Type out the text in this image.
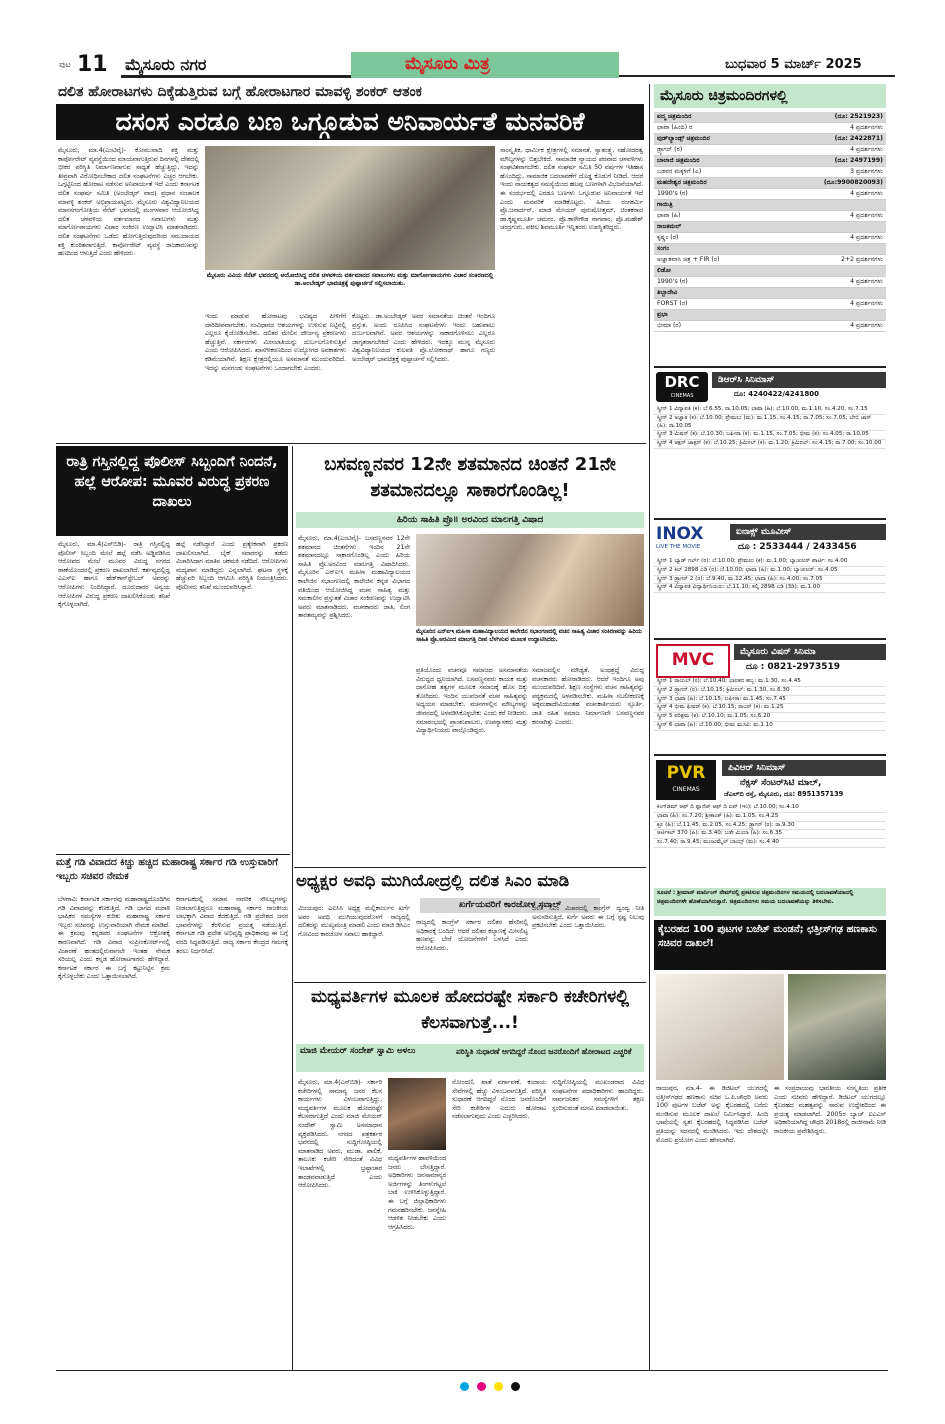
ಪುಟ 11 ಮೈಸೂರು ನಗರ	ಮೈಸೂರು ಮಿತ್ರ	ಬುಧವಾರ 5 ಮಾರ್ಚ್ 2025
ದಲಿತ ಹೋರಾಟಗಳು ದಿಕ್ಕೆಡುತ್ತಿರುವ ಬಗ್ಗೆ ಹೋರಾಟಗಾರ ಮಾವಳ್ಳಿ ಶಂಕರ್ ಆತಂಕ
ದಸಂಸ ಎರಡೂ ಬಣ ಒಗ್ಗೂಡುವ ಅನಿವಾರ್ಯತೆ ಮನವರಿಕೆ
ಮೈಸೂರು, ಮಾ.4(ಎಂಟಿವೈ)- ಕೋಮುವಾದಿ ಶಕ್ತಿ ಮತ್ತು ಕಾರ್ಪೋರೇಟ್ ವ್ಯವಸ್ಥೆಯಿಂದ ಮಾಯವಾಗುತ್ತಿರುವ ದಿನಗಳಲ್ಲಿ ದೇಶದಲ್ಲಿ ಭೀಕರ ಪರಿಸ್ಥಿತಿ ನಿರ್ಮಾಣವಾಗುವ ಸಾಧ್ಯತೆ ಹೆಚ್ಚುತ್ತಿದ್ದು, ಇದನ್ನು ತೀವ್ರವಾಗಿ ವಿರೋಧಿಸಬೇಕಾದ ದಲಿತ ಸಂಘಟನೆಗಳು ಎಚ್ಚರ ಆಗಬೇಕು. ಒಗ್ಗಟ್ಟಿನಿಂದ ಹೋರಾಟ ನಡೆಸುವ ಅನಿವಾರ್ಯತೆ ಇದೆ ಎಂದು ಕರ್ನಾಟಕ ದಲಿತ ಸಂಘರ್ಷ ಸಮಿತಿ (ಅಂಬೇಡ್ಕರ್ ವಾದ) ಪ್ರಧಾನ ಸಂಚಾಲಕ ಮಾವಳ್ಳಿ ಶಂಕರ್ ಅಭಿಪ್ರಾಯಪಟ್ಟರು. ಮೈಸೂರು ವಿಶ್ವವಿದ್ಯಾನಿಲಯದ ಮಾನಸಗಂಗೋತ್ರಿಯ ಸೆನೆಟ್ ಭವನದಲ್ಲಿ ಮಂಗಳವಾರ ಆಯೋಜಿಸಿದ್ದ ದಲಿತ ಚಳವಳಿಯ ವರ್ತಮಾನದ ಸವಾಲುಗಳು ಮತ್ತು ಮಾರ್ಗೋಪಾಯಗಳು ವಿಚಾರ ಸಂಕಿರಣ ಉದ್ಘಾಟಿಸಿ ಮಾತನಾಡಿದರು. ದಲಿತ ಸಂಘಟನೆಗಳು ಒಡೆದು ಹೋಗುತ್ತಿರುವುದರಿಂದ ಸಮುದಾಯದ ಶಕ್ತಿ ಕುಂಠಿತವಾಗುತ್ತಿದೆ. ಕಾರ್ಪೋರೇಟ್ ವ್ಯವಸ್ಥೆ ರಾಜಕಾರಣವನ್ನು ಹಣದಿಂದ ಆಳುತ್ತಿದೆ ಎಂದು ಹೇಳಿದರು.
ಮೈಸೂರು ವಿವಿಯ ಸೆನೆಟ್ ಭವನದಲ್ಲಿ ಆಯೋಜಿಸಿದ್ದ ದಲಿತ ಚಳವಳಿಯ ವರ್ತಮಾನದ ಸವಾಲುಗಳು ಮತ್ತು ಮಾರ್ಗೋಪಾಯಗಳು ವಿಚಾರ ಸಂಕಿರಣದಲ್ಲಿ ಡಾ.ಅಂಬೇಡ್ಕರ್ ಭಾವಚಿತ್ರಕ್ಕೆ ಪುಷ್ಪಾರ್ಚನೆ ಸಲ್ಲಿಸಲಾಯಿತು.
ಇಂದು ಮಾಡುವ ಹೋರಾಟವು ಭವಿಷ್ಯದ ಪೀಳಿಗೆಗೆ ದಾರಿದೀಪವಾಗಬೇಕು. ಸಂವಿಧಾನದ ಆಶಯಗಳನ್ನು ಉಳಿಸುವ ನಿಟ್ಟಿನಲ್ಲಿ ಎಲ್ಲರೂ ಕೈಜೋಡಿಸಬೇಕು. ದಲಿತರ ಮೇಲಿನ ದೌರ್ಜನ್ಯ ಪ್ರಕರಣಗಳು ಹೆಚ್ಚುತ್ತಿವೆ. ಸರ್ಕಾರಗಳು ಮೀಸಲಾತಿಯನ್ನು ದುರ್ಬಲಗೊಳಿಸುತ್ತಿವೆ ಎಂದು ಆರೋಪಿಸಿದರು. ಖಾಸಗೀಕರಣದಿಂದ ಉದ್ಯೋಗದ ಅವಕಾಶಗಳು ಕಡಿಮೆಯಾಗಿವೆ. ಶಿಕ್ಷಣ ಕ್ಷೇತ್ರದಲ್ಲಿಯೂ ಅಸಮಾನತೆ ಮುಂದುವರಿದಿದೆ. ಇದನ್ನು ಮನಗಂಡು ಸಂಘಟನೆಗಳು ಒಂದಾಗಬೇಕು ಎಂದರು.
ಕೊಟ್ಟರು. ಡಾ.ಅಂಬೇಡ್ಕರ್ ಅವರ ಸಮಾನತೆಯ ಚಿಂತನೆ ಇಂದಿಗೂ ಪ್ರಸ್ತುತ. ಅಂದು ರೂಪಿಸಿದ ಸಂಘಟನೆಗಳು ಇಂದು ಬಹುಪಾಲು ದುರ್ಬಲವಾಗಿವೆ. ಅವರ ಆಶಯಗಳನ್ನು ಸಾಕಾರಗೊಳಿಸಲು ಎಲ್ಲರೂ ಜಾಗೃತರಾಗಬೇಕಿದೆ ಎಂದು ಹೇಳಿದರು. ಇದಕ್ಕೂ ಮುನ್ನ ಮೈಸೂರು ವಿಶ್ವವಿದ್ಯಾನಿಲಯದ ಕುಲಪತಿ ಪ್ರೊ.ಲೋಕನಾಥ್ ಹಾಗೂ ಗಣ್ಯರು ಅಂಬೇಡ್ಕರ್ ಭಾವಚಿತ್ರಕ್ಕೆ ಪುಷ್ಪಾರ್ಚನೆ ಸಲ್ಲಿಸಿದರು.
ಸಾಂಸ್ಕೃತಿಕ, ಧಾರ್ಮಿಕ ಕ್ಷೇತ್ರಗಳಲ್ಲಿ ಸಮಾನತೆ, ಸ್ವಾತಂತ್ರ್ಯ, ಸಹೋದರತ್ವ ಮೌಲ್ಯಗಳನ್ನು ಬಿತ್ತಬೇಕಿದೆ. ಸಾಮಾಜಿಕ ನ್ಯಾಯದ ಪರವಾದ ಚಳವಳಿಗಳು ಸಂಘಟಿತವಾಗಬೇಕು. ದಲಿತ ಸಂಘರ್ಷ ಸಮಿತಿ 50 ವರ್ಷಗಳ ಇತಿಹಾಸ ಹೊಂದಿದ್ದು, ಸಾಮಾಜಿಕ ಬದಲಾವಣೆಗೆ ದೊಡ್ಡ ಕೊಡುಗೆ ನೀಡಿದೆ. ಆದರೆ ಇಂದು ನಾಯಕತ್ವದ ಸಮಸ್ಯೆಯಿಂದ ಹಲವು ಬಣಗಳಾಗಿ ವಿಭಜನೆಯಾಗಿದೆ. ಈ ಸಂದರ್ಭದಲ್ಲಿ ಎರಡೂ ಬಣಗಳು ಒಗ್ಗೂಡುವ ಅನಿವಾರ್ಯತೆ ಇದೆ ಎಂದು ಮನವರಿಕೆ ಮಾಡಿಕೊಟ್ಟರು. ಹಿರಿಯ ರಂಗಕರ್ಮಿ ಪ್ರೊ.ಜನಾರ್ದನ್, ಮಾಜಿ ಮೇಯರ್ ಪುರುಷೋತ್ತಮ್, ಚಿಂತಕರಾದ ಡಾ.ಕೃಷ್ಣಮೂರ್ತಿ ಚಮರಂ, ಪ್ರೊ.ಕಾಳೇಗೌಡ ನಾಗವಾರ, ಪ್ರೊ.ಮಹೇಶ್ ಚಂದ್ರಗುರು, ವಕೀಲ ಶಿವಮೂರ್ತಿ ಇನ್ನಿತರರು ಉಪಸ್ಥಿತರಿದ್ದರು.
ರಾತ್ರಿ ಗಸ್ತಿನಲ್ಲಿದ್ದ ಪೊಲೀಸ್ ಸಿಬ್ಬಂದಿಗೆ ನಿಂದನೆ, ಹಲ್ಲೆ ಆರೋಪ: ಮೂವರ ವಿರುದ್ಧ ಪ್ರಕರಣ ದಾಖಲು
ಮೈಸೂರು, ಮಾ.4(ಎಸ್‌ಬಿಡಿ)- ರಾತ್ರಿ ಗಸ್ತಿನಲ್ಲಿದ್ದ ಪೊಲೀಸ್ ಸಿಬ್ಬಂದಿ ಮೇಲೆ ಹಲ್ಲೆ ನಡೆಸಿ ಅಡ್ಡಿಪಡಿಸಿದ ಆರೋಪದ ಮೇಲೆ ಮೂವರ ವಿರುದ್ಧ ನಗರದ ಠಾಣೆಯೊಂದರಲ್ಲಿ ಪ್ರಕರಣ ದಾಖಲಾಗಿದೆ. ಕರ್ತವ್ಯದಲ್ಲಿದ್ದ ಎಎಸ್‌ಐ ಹಾಗೂ ಹೆಡ್‌ಕಾನ್‌ಸ್ಟೇಬಲ್ ಅವರನ್ನು ಆರೋಪಿಗಳು ನಿಂದಿಸಿದ್ದಾರೆ. ದೂರುದಾರರ ಅನ್ವಯ ಆರೋಪಿಗಳ ವಿರುದ್ಧ ಪ್ರಕರಣ ದಾಖಲಿಸಿಕೊಂಡು ತನಿಖೆ ಕೈಗೊಳ್ಳಲಾಗಿದೆ.
ಹಲ್ಲೆ ನಡೆಸಿದ್ದಾರೆ ಎಂದು ಪ್ರತ್ಯೇಕವಾಗಿ ಪ್ರಕರಣ ದಾಖಲಿಸಲಾಗಿದೆ. ಬೈಕ್ ಸವಾರರನ್ನು ತಡೆದು ವಿಚಾರಿಸಿದಾಗ ಮಾತಿನ ಚಕಮಕಿ ನಡೆದಿದೆ. ಆರೋಪಿಗಳು ಮದ್ಯಪಾನ ಮಾಡಿದ್ದರು ಎನ್ನಲಾಗಿದೆ. ಘಟನಾ ಸ್ಥಳಕ್ಕೆ ಹೆಚ್ಚುವರಿ ಸಿಬ್ಬಂದಿ ಆಗಮಿಸಿ ಪರಿಸ್ಥಿತಿ ನಿಯಂತ್ರಿಸಿದರು. ಪೊಲೀಸರು ತನಿಖೆ ಮುಂದುವರಿಸಿದ್ದಾರೆ.
ಮತ್ತೆ ಗಡಿ ವಿವಾದದ ಕಿಚ್ಚು ಹಚ್ಚಿದ ಮಹಾರಾಷ್ಟ್ರ ಸರ್ಕಾರ ಗಡಿ ಉಸ್ತುವಾರಿಗೆ ಇಬ್ಬರು ಸಚಿವರ ನೇಮಕ
ಬೆಳಗಾವಿ: ಕರ್ನಾಟಕ ಸರ್ಕಾರವು ಮಹಾರಾಷ್ಟ್ರದೊಂದಿಗಿನ ಗಡಿ ವಿವಾದವನ್ನು ಕೆಣಕುತ್ತಿದೆ. ಗಡಿ ಭಾಗದ ಮರಾಠಿ ಭಾಷಿಕರ ಸಮಸ್ಯೆಗಳ ಕುರಿತು ಮಹಾರಾಷ್ಟ್ರ ಸರ್ಕಾರ ಇಬ್ಬರು ಸಚಿವರನ್ನು ಉಸ್ತುವಾರಿಯಾಗಿ ನೇಮಕ ಮಾಡಿದೆ. ಈ ಕ್ರಮವು ಕನ್ನಡಪರ ಸಂಘಟನೆಗಳ ಆಕ್ರೋಶಕ್ಕೆ ಕಾರಣವಾಗಿದೆ. ಗಡಿ ವಿವಾದ ಸುಪ್ರೀಂಕೋರ್ಟ್‌ನಲ್ಲಿ ವಿಚಾರಣೆ ಹಂತದಲ್ಲಿರುವಾಗಲೇ ಇಂತಹ ನೇಮಕ ಸರಿಯಲ್ಲ ಎಂದು ಕನ್ನಡ ಹೋರಾಟಗಾರರು ಹೇಳಿದ್ದಾರೆ. ಕರ್ನಾಟಕ ಸರ್ಕಾರ ಈ ಬಗ್ಗೆ ಕಟ್ಟುನಿಟ್ಟಿನ ಕ್ರಮ ಕೈಗೊಳ್ಳಬೇಕು ಎಂದು ಒತ್ತಾಯಿಸಲಾಗಿದೆ.
ಕರ್ನಾಟಕದಲ್ಲಿ ಸಮಾನ ನಾಗರಿಕ ಸೌಲಭ್ಯಗಳನ್ನು ನೀಡಲಾಗುತ್ತಿದ್ದರೂ ಮಹಾರಾಷ್ಟ್ರ ಸರ್ಕಾರ ರಾಜಕೀಯ ಲಾಭಕ್ಕಾಗಿ ವಿವಾದ ಕೆದಕುತ್ತಿದೆ. ಗಡಿ ಪ್ರದೇಶದ ಜನರ ಭಾವನೆಗಳನ್ನು ಕೆರಳಿಸುವ ಪ್ರಯತ್ನ ನಡೆಯುತ್ತಿದೆ. ಕರ್ನಾಟಕ ಗಡಿ ಪ್ರದೇಶ ಅಭಿವೃದ್ಧಿ ಪ್ರಾಧಿಕಾರವು ಈ ಬಗ್ಗೆ ವರದಿ ಸಿದ್ಧಪಡಿಸುತ್ತಿದೆ. ರಾಜ್ಯ ಸರ್ಕಾರ ಕೇಂದ್ರದ ಗಮನಕ್ಕೆ ತರಲು ನಿರ್ಧರಿಸಿದೆ.
ಬಸವಣ್ಣನವರ 12ನೇ ಶತಮಾನದ ಚಿಂತನೆ 21ನೇ ಶತಮಾನದಲ್ಲೂ ಸಾಕಾರಗೊಂಡಿಲ್ಲ!
ಹಿರಿಯ ಸಾಹಿತಿ ಪ್ರೊ॥ ಅರವಿಂದ ಮಾಲಗತ್ತಿ ವಿಷಾದ
ಮೈಸೂರು, ಮಾ.4(ಎಂಟಿವೈ)- ಬಸವಣ್ಣನವರ 12ನೇ ಶತಮಾನದ ಚಿಂತನೆಗಳು ಇಂದಿನ 21ನೇ ಶತಮಾನದಲ್ಲೂ ಸಾಕಾರಗೊಂಡಿಲ್ಲ ಎಂದು ಹಿರಿಯ ಸಾಹಿತಿ ಪ್ರೊ.ಅರವಿಂದ ಮಾಲಗತ್ತಿ ವಿಷಾದಿಸಿದರು. ಮೈಸೂರಿನ ಎನ್‌ಐಇ ಮಹಿಳಾ ಮಹಾವಿದ್ಯಾಲಯದ ಕಾಲೇಜಿನ ಸಭಾಂಗಣದಲ್ಲಿ ಕಾಲೇಜಿನ ಕನ್ನಡ ವಿಭಾಗದ ವತಿಯಿಂದ ಆಯೋಜಿಸಿದ್ದ ವಚನ ಸಾಹಿತ್ಯ ಮತ್ತು ಸಮಕಾಲೀನ ಪ್ರಸ್ತುತತೆ ವಿಚಾರ ಸಂಕಿರಣವನ್ನು ಉದ್ಘಾಟಿಸಿ ಅವರು ಮಾತನಾಡಿದರು. ವಚನಕಾರರು ಜಾತಿ, ಲಿಂಗ ತಾರತಮ್ಯವನ್ನು ಪ್ರಶ್ನಿಸಿದರು.
ಮೈಸೂರಿನ ಎನ್‌ಐಇ ಮಹಿಳಾ ಮಹಾವಿದ್ಯಾಲಯದ ಕಾಲೇಜಿನ ಸಭಾಂಗಣದಲ್ಲಿ ವಚನ ಸಾಹಿತ್ಯ ವಿಚಾರ ಸಂಕಿರಣವನ್ನು ಹಿರಿಯ ಸಾಹಿತಿ ಪ್ರೊ.ಅರವಿಂದ ಮಾಲಗತ್ತಿ ದೀಪ ಬೆಳಗಿಸುವ ಮೂಲಕ ಉದ್ಘಾಟಿಸಿದರು.
ಪ್ರತಿಯೊಂದು ವಚನವೂ ಸಮಾಜದ ಅಸಮಾನತೆಯ ವಿರುದ್ಧದ ಧ್ವನಿಯಾಗಿದೆ. ಬಸವಣ್ಣನವರು ಕಾಯಕ ಮತ್ತು ದಾಸೋಹ ತತ್ವಗಳ ಮೂಲಕ ಸಮಾಜಕ್ಕೆ ಹೊಸ ದಿಕ್ಕು ತೋರಿದರು. ಇಂದಿನ ಯುವಜನತೆ ವಚನ ಸಾಹಿತ್ಯವನ್ನು ಅಧ್ಯಯನ ಮಾಡಬೇಕು. ವಚನಗಳಲ್ಲಿನ ಮೌಲ್ಯಗಳನ್ನು ಜೀವನದಲ್ಲಿ ಅಳವಡಿಸಿಕೊಳ್ಳಬೇಕು ಎಂದು ಕರೆ ನೀಡಿದರು. ಸಮಾರಂಭದಲ್ಲಿ ಪ್ರಾಂಶುಪಾಲರು, ಉಪನ್ಯಾಸಕರು ಮತ್ತು ವಿದ್ಯಾರ್ಥಿನಿಯರು ಪಾಲ್ಗೊಂಡಿದ್ದರು.
ಸಮಾಜದಲ್ಲಿನ ಮೌಢ್ಯತೆ, ಅಂಧಶ್ರದ್ಧೆ ವಿರುದ್ಧ ವಚನಕಾರರು ಹೋರಾಡಿದರು. ಆದರೆ ಇಂದಿಗೂ ಅವು ಮುಂದುವರಿದಿವೆ. ಶಿಕ್ಷಣ ಸಂಸ್ಥೆಗಳು ವಚನ ಸಾಹಿತ್ಯವನ್ನು ಪಠ್ಯಕ್ರಮದಲ್ಲಿ ಅಳವಡಿಸಬೇಕು. ಮಹಿಳಾ ಸಬಲೀಕರಣಕ್ಕೆ ಅಕ್ಕಮಹಾದೇವಿಯಂತಹ ವಚನಕಾರ್ತಿಯರು ಸ್ಫೂರ್ತಿ. ಜಾತಿ ರಹಿತ ಸಮಾಜ ನಿರ್ಮಾಣವೇ ಬಸವಣ್ಣನವರ ಕನಸಾಗಿತ್ತು ಎಂದರು.
ಅಧ್ಯಕ್ಷರ ಅವಧಿ ಮುಗಿಯೋದ್ರಲ್ಲಿ ದಲಿತ ಸಿಎಂ ಮಾಡಿ
ಖರ್ಗೆಯವರಿಗೆ ಕಾರಜೋಳ ಸವಾಲ್
ವಿಜಯಪುರ: ಎಐಸಿಸಿ ಅಧ್ಯಕ್ಷ ಮಲ್ಲಿಕಾರ್ಜುನ ಖರ್ಗೆ ಅವರ ಅವಧಿ ಮುಗಿಯುವುದರೊಳಗೆ ರಾಜ್ಯದಲ್ಲಿ ದಲಿತರನ್ನು ಮುಖ್ಯಮಂತ್ರಿ ಮಾಡಲಿ ಎಂದು ಮಾಜಿ ಡಿಸಿಎಂ ಗೋವಿಂದ ಕಾರಜೋಳ ಸವಾಲು ಹಾಕಿದ್ದಾರೆ.
ರಾಜ್ಯದಲ್ಲಿ ಕಾಂಗ್ರೆಸ್ ಸರ್ಕಾರ ದಲಿತರ ಹೆಸರಿನಲ್ಲಿ ಅಧಿಕಾರಕ್ಕೆ ಬಂದಿದೆ. ಆದರೆ ದಲಿತರ ಕಲ್ಯಾಣಕ್ಕೆ ಮೀಸಲಿಟ್ಟ ಹಣವನ್ನು ಬೇರೆ ಯೋಜನೆಗಳಿಗೆ ಬಳಸಿದೆ ಎಂದು ಆರೋಪಿಸಿದರು.
ದಲಿತ ಸಿಎಂ ವಿಚಾರದಲ್ಲಿ ಕಾಂಗ್ರೆಸ್ ದ್ವಂದ್ವ ನೀತಿ ಅನುಸರಿಸುತ್ತಿದೆ. ಖರ್ಗೆ ಅವರು ಈ ಬಗ್ಗೆ ಸ್ಪಷ್ಟ ನಿಲುವು ಪ್ರಕಟಿಸಬೇಕು ಎಂದು ಒತ್ತಾಯಿಸಿದರು.
ಮಧ್ಯವರ್ತಿಗಳ ಮೂಲಕ ಹೋದರಷ್ಟೇ ಸರ್ಕಾರಿ ಕಚೇರಿಗಳಲ್ಲಿ ಕೆಲಸವಾಗುತ್ತೆ...!
ಮಾಜಿ ಮೇಯರ್ ಸಂದೇಶ್ ಸ್ವಾಮಿ ಅಳಲು	ಪರಿಸ್ಥಿತಿ ಸುಧಾರಣೆ ಆಗದಿದ್ದರೆ ನೊಂದ ಜನರೊಂದಿಗೆ ಹೋರಾಟದ ಎಚ್ಚರಿಕೆ
ಮೈಸೂರು, ಮಾ.4(ಎಸ್‌ಬಿಡಿ)- ಸರ್ಕಾರಿ ಕಚೇರಿಗಳಲ್ಲಿ ಸಾಮಾನ್ಯ ಜನರ ಕೆಲಸ ಕಾರ್ಯಗಳು ವಿಳಂಬವಾಗುತ್ತಿದ್ದು, ಮಧ್ಯವರ್ತಿಗಳ ಮೂಲಕ ಹೋದರಷ್ಟೇ ಕೆಲಸವಾಗುತ್ತಿದೆ ಎಂದು ಮಾಜಿ ಮೇಯರ್ ಸಂದೇಶ್ ಸ್ವಾಮಿ ಅಸಮಾಧಾನ ವ್ಯಕ್ತಪಡಿಸಿದರು. ನಗರದ ಪತ್ರಕರ್ತರ ಭವನದಲ್ಲಿ ಸುದ್ದಿಗೋಷ್ಠಿಯಲ್ಲಿ ಮಾತನಾಡಿದ ಅವರು, ಮುಡಾ, ಪಾಲಿಕೆ, ತಾಲೂಕು ಕಚೇರಿ ಸೇರಿದಂತೆ ವಿವಿಧ ಇಲಾಖೆಗಳಲ್ಲಿ ಭ್ರಷ್ಟಾಚಾರ ತಾಂಡವವಾಡುತ್ತಿದೆ ಎಂದು ಆರೋಪಿಸಿದರು.
ಮಧ್ಯವರ್ತಿಗಳ ಹಾವಳಿಯಿಂದ ಜನರು ಬೇಸತ್ತಿದ್ದಾರೆ. ಅಧಿಕಾರಿಗಳು ಜನಸಾಮಾನ್ಯರ ಅರ್ಜಿಗಳನ್ನು ತಿಂಗಳುಗಟ್ಟಲೆ ಬಾಕಿ ಉಳಿಸಿಕೊಳ್ಳುತ್ತಿದ್ದಾರೆ. ಈ ಬಗ್ಗೆ ಜಿಲ್ಲಾಧಿಕಾರಿಗಳು ಗಮನಹರಿಸಬೇಕು. ಜನಸ್ನೇಹಿ ಆಡಳಿತ ನೀಡಬೇಕು ಎಂದು ಆಗ್ರಹಿಸಿದರು.
ನೋಂದಣಿ, ಖಾತೆ ವರ್ಗಾವಣೆ, ಕಂದಾಯ ಸೇವೆಗಳಲ್ಲಿ ಹೆಚ್ಚು ವಿಳಂಬವಾಗುತ್ತಿದೆ. ಪರಿಸ್ಥಿತಿ ಸುಧಾರಣೆ ಆಗದಿದ್ದರೆ ನೊಂದ ಜನರೊಂದಿಗೆ ಸೇರಿ ಕಚೇರಿಗಳ ಎದುರು ಹೋರಾಟ ನಡೆಸಲಾಗುವುದು ಎಂದು ಎಚ್ಚರಿಸಿದರು.
ಸುದ್ದಿಗೋಷ್ಠಿಯಲ್ಲಿ ಮುಖಂಡರಾದ ವಿವಿಧ ಸಂಘಟನೆಗಳ ಪದಾಧಿಕಾರಿಗಳು ಹಾಜರಿದ್ದರು. ಸಾರ್ವಜನಿಕರ ಸಮಸ್ಯೆಗಳಿಗೆ ತಕ್ಷಣ ಸ್ಪಂದಿಸುವಂತೆ ಮನವಿ ಮಾಡಲಾಯಿತು.
ಮೈಸೂರು ಚಿತ್ರಮಂದಿರಗಳಲ್ಲಿ
ಪದ್ಮ ಚಿತ್ರಮಂದಿರ	(ದೂ: 2521923)
ಛಾವಾ (ಹಿಂದಿ) ರ	4 ಪ್ರದರ್ಶನಗಳು
ವುಡ್‌ಲ್ಯಾಂಡ್ಸ್ ಚಿತ್ರಮಂದಿರ	(ದೂ: 2422871)
ಡ್ರ್ಯಾಗನ್ (ರ)	4 ಪ್ರದರ್ಶನಗಳು
ಬಾಲಾಜಿ ಚಿತ್ರಮಂದಿರ	(ದೂ: 2497199)
ಬಡವರ ಮಕ್ಕಳಿಗೆ (ಎ)	3 ಪ್ರದರ್ಶನಗಳು
ಮಹದೇಶ್ವರ ಚಿತ್ರಮಂದಿರ	(ದೂ:9900820093)
1990's (ರ)	4 ಪ್ರದರ್ಶನಗಳು
ಗಾಯಿತ್ರಿ	
ಛಾವಾ (ಹಿ)	4 ಪ್ರದರ್ಶನಗಳು
ರಾಜಕಮಲ್	
ಕೃಷ್ಣಂ (ರ)	4 ಪ್ರದರ್ಶನಗಳು
ಸಂಗಂ	
ಅಜ್ಞಾತವಾಸಿ ಚಿತ್ರ + FIR (ರ)	2+2 ಪ್ರದರ್ಶನಗಳು
ಲಿಡೋ	
1990's (ರ)	4 ಪ್ರದರ್ಶನಗಳು
ತಿಬ್ಬಾದೇವಿ	
FORST (ರ)	4 ಪ್ರದರ್ಶನಗಳು
ಪ್ರಭಾ	
ಭೀಮಾ (ರ)	4 ಪ್ರದರ್ಶನಗಳು
DRC
CINEMAS
ಡಿಆರ್‌ಸಿ ಸಿನಿಮಾಸ್
ದೂ: 4240422/4241800
ಸ್ಕ್ರೀನ್ 1 ವಿದ್ಯಾಪತಿ (ಕ): ಬೆ.6.55, ರಾ.10.05; ಛಾವಾ (ಹಿ): ಬೆ.10.00, ಮ.1.10, ಸಂ.4.20, ಸಂ.7.15
ಸ್ಕ್ರೀನ್ 2 ಅಜ್ಞಾತ (ಕ): ಬೆ.10.00; ಪ್ರೇಮಲು (ಮ): ಮ.1.15, ಸಂ.4.15; ರಾ.7.05; ಸಂ.7.05; ಬೇಬಿ ಜಾನ್ (ಹಿ): ರಾ.10.05
ಸ್ಕ್ರೀನ್ 3 ಮಿಷನ್ (ಕ): ಬೆ.10.30; ಬಘೀರಾ (ಕ): ಮ.1.15, ಸಂ.7.05; ಭೀಮ (ಕ): ಸಂ.4.05; ರಾ.10.05
ಸ್ಕ್ರೀನ್ 4 ಆಕ್ಷನ್ ಜಾಕ್ಸನ್ (ಕ): ಬೆ.10.25; ಕ್ರಿಮಿನಲ್ (ಕ): ಮ.1.20; ಕ್ರಿಮಿನಲ್: ಸಂ.4.15; ರಾ.7.00; ಸಂ.10.00
INOX
LIVE THE MOVIE
ಐನಾಕ್ಸ್ ಮೂವೀಸ್
ದೂ : 2533444 / 2433456
ಸ್ಕ್ರೀನ್ 1 ಬ್ಯಾಡ್ ಗರ್ಲ್ (ರ): ಬೆ.10.00; ಪ್ರೇಮಲು (ಕ): ಮ.1.00; ಬ್ಯಾಚುಲರ್ ಪಾರ್ಟಿ: ಸಂ.4.00
ಸ್ಕ್ರೀನ್ 2 ಕಿಲ್ 2898 ಎಡಿ (ರ): ಬೆ.10.00; ಛಾವಾ (ಹಿ): ಮ.1.00; ಬ್ಯಾಚುಲರ್: ಸಂ.4.05
ಸ್ಕ್ರೀನ್ 3 ಡ್ರ್ಯಾಗನ್ 2 (ರ): ಬೆ.9.40, ಮ.12.45; ಛಾವಾ (ಹಿ): ಸಂ.4.00; ಸಂ.7.05
ಸ್ಕ್ರೀನ್ 4 ವಿದ್ಯಾಪತಿ ವಿದ್ಯಾರ್ಥಿನಿಯರು: ಬೆ.11.10; ಕಲ್ಕಿ 2898 ಎಡಿ (3ಡಿ): ಮ.1.00
MVC	ಮೈಸೂರು ವಿಷನ್ ಸಿನಿಮಾ
ದೂ : 0821-2973519
ಸ್ಕ್ರೀನ್ 1 ರಾಯಲ್ (ರ): ಬೆ.10.40; ಭಾರತದ ಹಬ್ಬ: ಮ.1.30, ಸಂ.4.45
ಸ್ಕ್ರೀನ್ 2 ಡ್ರ್ಯಾಗನ್ (ರ): ಬೆ.10.15; ಕ್ರಿಮಿನಲ್: ಮ.1.30, ಸಂ.6.30
ಸ್ಕ್ರೀನ್ 3 ಛಾವಾ (ಹಿ): ಬೆ.10.15; ಬಘೀರಾ: ಮ.1.45, ಸಂ.7.45
ಸ್ಕ್ರೀನ್ 4 ಭೀಮ ಫೀವರ್ (ಕ): ಬೆ.10.15; ರಾಬರ್ (ಕ): ಮ.1.25
ಸ್ಕ್ರೀನ್ 5 ಪರಿಶ್ರಮ (ಕ): ಬೆ.10.10; ಮ.1.05; ಸಂ.6.20
ಸ್ಕ್ರೀನ್ 6 ಛಾವಾ (ಹಿ): ಬೆ.10.00; ಭೀಮ ಮೂವಿ: ಮ.1.10
PVR
CINEMAS
ಪಿವಿಆರ್ ಸಿನಿಮಾಸ್
ನೆಕ್ಸಸ್ ಸೆಂಟರ್‌ಸಿಟಿ ಮಾಲ್,
ಜೆಎಲ್‌ಬಿ ರಸ್ತೆ, ಮೈಸೂರು, ದೂ: 8951357139
ಕಿಂಗ್‌ಡಮ್ ಆಫ್ ದಿ ಪ್ಲಾನೆಟ್ ಆಫ್ ದಿ ಏಪ್ (ಇಂ): ಬೆ.10.00; ಸಂ.4.10
ಛಾವಾ (ಹಿ): ಸಂ.7.20; ಶ್ರೀಕಾಂತ್ (ಹಿ): ಮ.1.05, ಸಂ.4.25
ಕ್ರೂ (ಹಿ): ಬೆ.11.45, ಮ.2.05, ಸಂ.4.25; ಡ್ರ್ಯಾಗನ್ (ರ): ರಾ.9.30
ಆರ್ಟಿಕಲ್ 370 (ಹಿ): ಮ.3.40; ಬಡೇ ಮಿಯಾ (ಹಿ): ಸಂ.6.35
ಸಂ.7.40; ರಾ.9.45; ಮಂಜುಮ್ಮೆಲ್ ಬಾಯ್ಸ್ (ಮ): ಸಂ.4.40
ಸೂಚನೆ : ಶ್ರೀಮಾನ್ ಮಾರ್ನಿಂಗ್ ನೇಮ್‌ನಲ್ಲಿ ಪ್ರಕಟಿಸುವ ಚಿತ್ರಮಂದಿರಗಳ ಸಮಯದಲ್ಲಿ ಬದಲಾವಣೆಯಾದಲ್ಲಿ ಚಿತ್ರಮಂದಿರಗಳೇ ಹೊಣೆಯಾಗಿರುತ್ತಾರೆ. ಚಿತ್ರಮಂದಿರಗಳು ಸಮಯ ಬದಲಾವಣೆಯನ್ನು ತಿಳಿಸಬೇಕು.
ಕೈಬರಹದ 100 ಪುಟಗಳ ಬಜೆಟ್ ಮಂಡನೆ; ಛತ್ತೀಸ್‌ಗಢ ಹಣಕಾಸು ಸಚಿವರ ದಾಖಲೆ!
ರಾಯಪುರ, ಮಾ.4- ಈ ಡಿಜಿಟಲ್ ಯುಗದಲ್ಲಿ ಛತ್ತೀಸ್‌ಗಢದ ಹಣಕಾಸು ಸಚಿವ ಒ.ಪಿ.ಚೌಧರಿ ಅವರು 100 ಪುಟಗಳ ಬಜೆಟ್ ಅನ್ನು ಕೈಬರಹದಲ್ಲಿ ಬರೆದು ಮಂಡಿಸುವ ಮೂಲಕ ದಾಖಲೆ ನಿರ್ಮಿಸಿದ್ದಾರೆ. ಹಿಂದಿ ಭಾಷೆಯಲ್ಲಿ ಸ್ವತಃ ಕೈಬರಹದಲ್ಲಿ ಸಿದ್ಧಪಡಿಸಿದ ಬಜೆಟ್ ಪ್ರತಿಯನ್ನು ಸದನದಲ್ಲಿ ಮಂಡಿಸಿದರು. ಇದು ದೇಶದಲ್ಲೇ ಮೊದಲ ಪ್ರಯೋಗ ಎಂದು ಹೇಳಲಾಗಿದೆ.
ಈ ಸಂಪ್ರದಾಯವು ಭಾರತೀಯ ಸಂಸ್ಕೃತಿಯ ಪ್ರತೀಕ ಎಂದು ಸಚಿವರು ಹೇಳಿದ್ದಾರೆ. ಡಿಜಿಟಲ್ ಯುಗದಲ್ಲೂ ಕೈಬರಹದ ಮಹತ್ವವನ್ನು ಸಾರುವ ಉದ್ದೇಶದಿಂದ ಈ ಪ್ರಯತ್ನ ಮಾಡಲಾಗಿದೆ. 2005ರ ಬ್ಯಾಚ್ ಐಎಎಸ್ ಅಧಿಕಾರಿಯಾಗಿದ್ದ ಚೌಧರಿ 2018ರಲ್ಲಿ ರಾಜೀನಾಮೆ ನೀಡಿ ರಾಜಕೀಯ ಪ್ರವೇಶಿಸಿದ್ದರು.
